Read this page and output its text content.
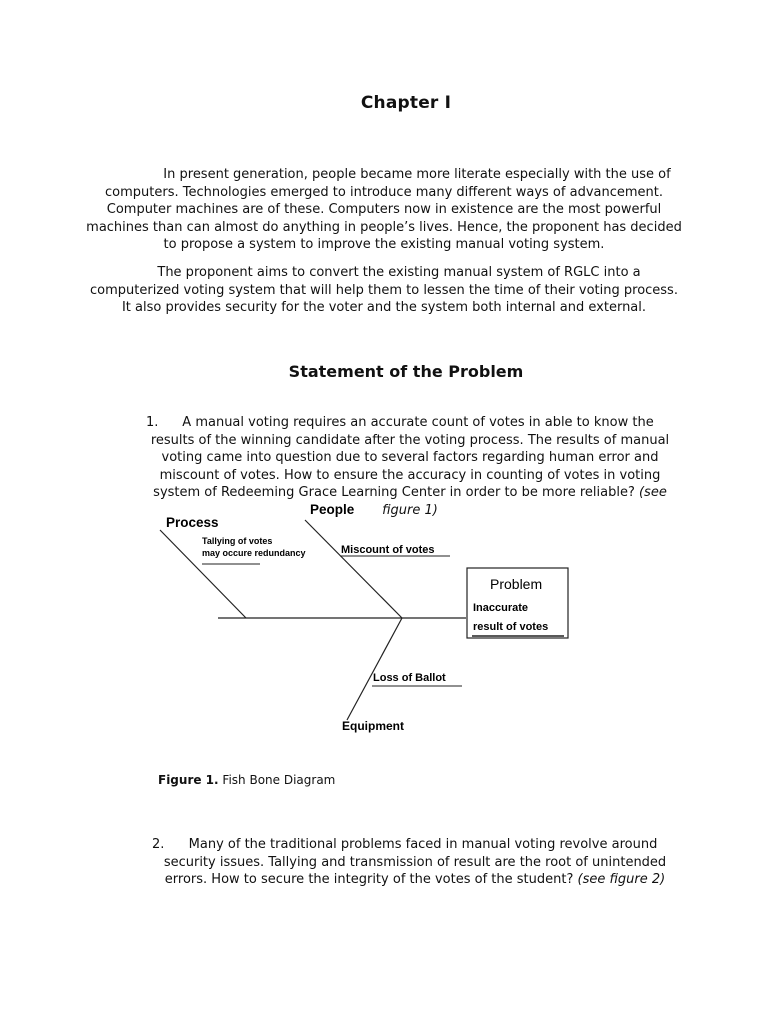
Chapter I
In present generation, people became more literate especially with the use of computers. Technologies emerged to introduce many different ways of advancement. Computer machines are of these. Computers now in existence are the most powerful machines than can almost do anything in people’s lives. Hence, the proponent has decided to propose a system to improve the existing manual voting system.
The proponent aims to convert the existing manual system of RGLC into a computerized voting system that will help them to lessen the time of their voting process. It also provides security for the voter and the system both internal and external.
Statement of the Problem
1.	A manual voting requires an accurate count of votes in able to know the results of the winning candidate after the voting process. The results of manual voting came into question due to several factors regarding human error and miscount of votes. How to ensure the accuracy in counting of votes in voting system of Redeeming Grace Learning Center in order to be more reliable? (see figure 1)
Process
Tallying of votes
may occure redundancy
People
Miscount of votes
Problem
Inaccurate
result of votes
Loss of Ballot
Equipment
Figure 1. Fish Bone Diagram
2.	Many of the traditional problems faced in manual voting revolve around security issues. Tallying and transmission of result are the root of unintended errors. How to secure the integrity of the votes of the student? (see figure 2)
